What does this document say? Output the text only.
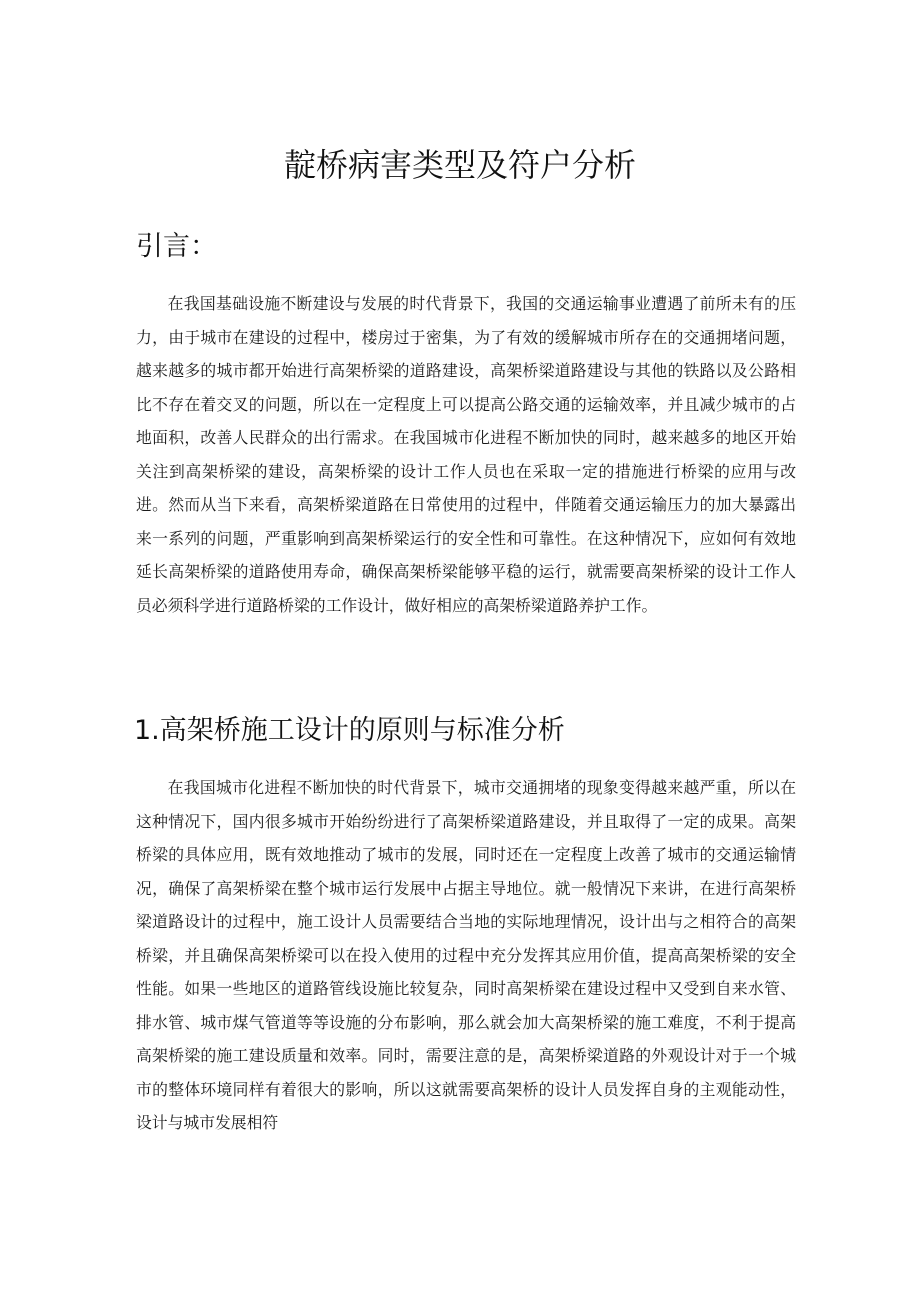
靛桥病害类型及符户分析
引言：

在我国基础设施不断建设与发展的时代背景下，我国的交通运输事业遭遇了前所未有的压力，由于城市在建设的过程中，楼房过于密集，为了有效的缓解城市所存在的交通拥堵问题，越来越多的城市都开始进行高架桥梁的道路建设，高架桥梁道路建设与其他的铁路以及公路相比不存在着交叉的问题，所以在一定程度上可以提高公路交通的运输效率，并且减少城市的占地面积，改善人民群众的出行需求。在我国城市化进程不断加快的同时，越来越多的地区开始关注到高架桥梁的建设，高架桥梁的设计工作人员也在采取一定的措施进行桥梁的应用与改进。然而从当下来看，高架桥梁道路在日常使用的过程中，伴随着交通运输压力的加大暴露出来一系列的问题，严重影响到高架桥梁运行的安全性和可靠性。在这种情况下，应如何有效地延长高架桥梁的道路使用寿命，确保高架桥梁能够平稳的运行，就需要高架桥梁的设计工作人员必须科学进行道路桥梁的工作设计，做好相应的高架桥梁道路养护工作。

1.高架桥施工设计的原则与标准分析

在我国城市化进程不断加快的时代背景下，城市交通拥堵的现象变得越来越严重，所以在这种情况下，国内很多城市开始纷纷进行了高架桥梁道路建设，并且取得了一定的成果。高架桥梁的具体应用，既有效地推动了城市的发展，同时还在一定程度上改善了城市的交通运输情况，确保了高架桥梁在整个城市运行发展中占据主导地位。就一般情况下来讲，在进行高架桥梁道路设计的过程中，施工设计人员需要结合当地的实际地理情况，设计出与之相符合的高架桥梁，并且确保高架桥梁可以在投入使用的过程中充分发挥其应用价值，提高高架桥梁的安全性能。如果一些地区的道路管线设施比较复杂，同时高架桥梁在建设过程中又受到自来水管、排水管、城市煤气管道等等设施的分布影响，那么就会加大高架桥梁的施工难度，不利于提高高架桥梁的施工建设质量和效率。同时，需要注意的是，高架桥梁道路的外观设计对于一个城市的整体环境同样有着很大的影响，所以这就需要高架桥的设计人员发挥自身的主观能动性，设计与城市发展相符
